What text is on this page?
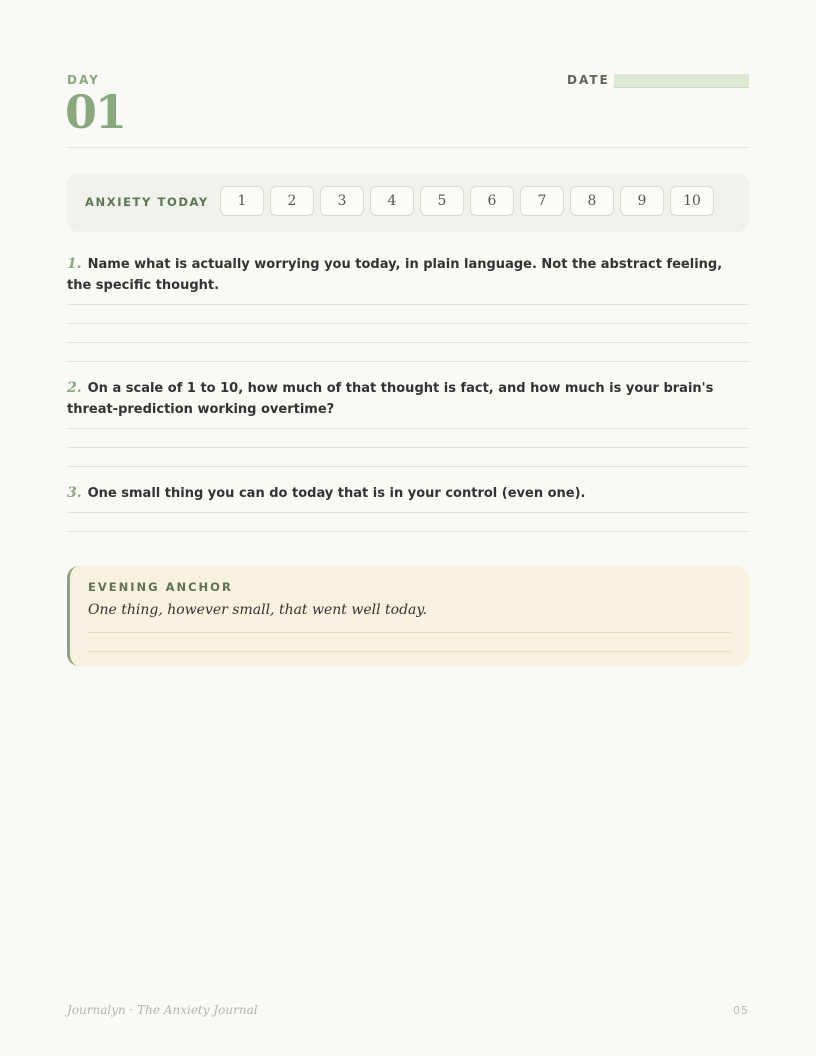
DAY
01
DATE
ANXIETY TODAY	1	2	3	4	5	6	7	8	9	10
1. Name what is actually worrying you today, in plain language. Not the abstract feeling, the specific thought.
2. On a scale of 1 to 10, how much of that thought is fact, and how much is your brain's threat-prediction working overtime?
3. One small thing you can do today that is in your control (even one).
EVENING ANCHOR
One thing, however small, that went well today.
Journalyn · The Anxiety Journal	05
